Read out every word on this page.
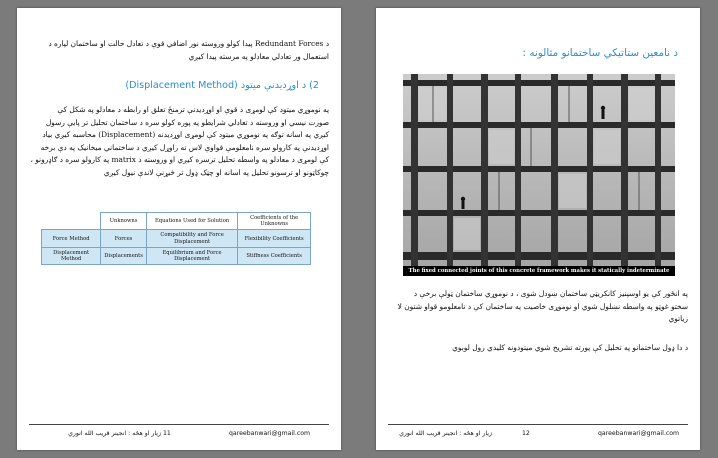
د Redundant Forces پیدا کولو وروسته نور اضافي قوې د تعادل حالت او ساختمان لپاره د
استعمال ور تعادلي معادلو په مرسته پیدا کیږي
2) د اوړدیدنې میتود (Displacement Method)
په نوموړي میتود کې لومړی د قوې او اوړدیدنې ترمنځ تعلق او رابطه د معادلو په شکل کې
صورت نیسي او وروسته د تعادلي شرایطو په پوره کولو سره د ساختمان تحلیل تر پایې رسول
کیږي په اسانه توګه په نوموړي میتود کې لومړی اوړدیدنه (Displacement) محاسبه کیږي بیاد
اوړدیدنې په کارولو سره نامعلومې قواوې لاس ته راوړل کیږي د ساختماني میخانیک په دې برخه
کې لومړی د معادلو په واسطه تحلیل ترسره کیږي او وروسته د matrix په کارولو سره د ګاډرونو ،
چوکاټونو او ترسونو تحلیل په اسانه او چټک ډول تر څیړنې لاندې نیول کیږي
	Unknowns	Equations Used for Solution	Coefficients of the Unknowns
Force Method	Forces	Compatibility and Force Displacement	Flexibility Coefficients
Displacement Method	Displacements	Equilibrium and Force Displacement	Stiffness Coefficients
زیار او هڅه : انجینر قریب الله انوري 11	qareebanwari@gmail.com
د نامعین ستاتیکي ساختمانو مثالونه :
The fixed connected joints of this concrete framework makes it statically indeterminate
په انځور کې یو اوسپنیز کانکریټي ساختمان ښودل شوی ، د نوموړي ساختمان ټولې برخې د
سختو غوټو په واسطه نښلول شوي او نوموړی خاصیت په ساختمان کې د نامعلومو قواو شتون لا
زیاتوي
د دا ډول ساختمانو په تحلیل کې پورته تشریح شوي میتودونه کلیدي رول لوبوي
زیار او هڅه : انجینر قریب الله انوري	12	qareebanwari@gmail.com
